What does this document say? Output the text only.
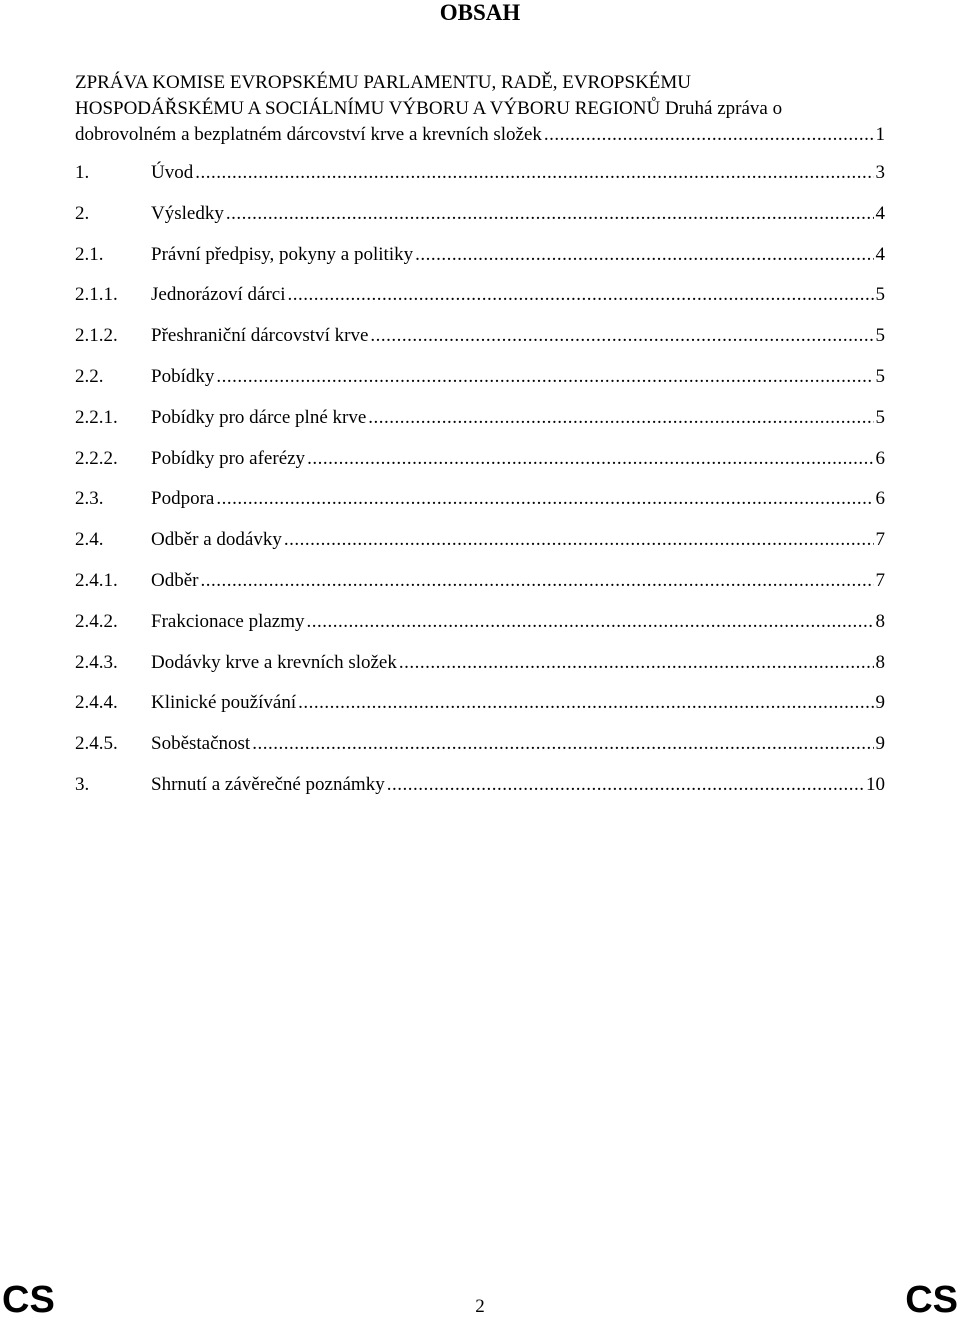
OBSAH
ZPRÁVA KOMISE EVROPSKÉMU PARLAMENTU, RADĚ, EVROPSKÉMU
HOSPODÁŘSKÉMU A SOCIÁLNÍMU VÝBORU A VÝBORU REGIONŮ Druhá zpráva o
dobrovolném a bezplatném dárcovství krve a krevních složek .....	1
1.	Úvod .....	3
2.	Výsledky .....	4
2.1.	Právní předpisy, pokyny a politiky .....	4
2.1.1.	Jednorázoví dárci .....	5
2.1.2.	Přeshraniční dárcovství krve .....	5
2.2.	Pobídky .....	5
2.2.1.	Pobídky pro dárce plné krve .....	5
2.2.2.	Pobídky pro aferézy .....	6
2.3.	Podpora .....	6
2.4.	Odběr a dodávky .....	7
2.4.1.	Odběr .....	7
2.4.2.	Frakcionace plazmy .....	8
2.4.3.	Dodávky krve a krevních složek .....	8
2.4.4.	Klinické používání .....	9
2.4.5.	Soběstačnost .....	9
3.	Shrnutí a závěrečné poznámky .....	10
CS	2	CS
